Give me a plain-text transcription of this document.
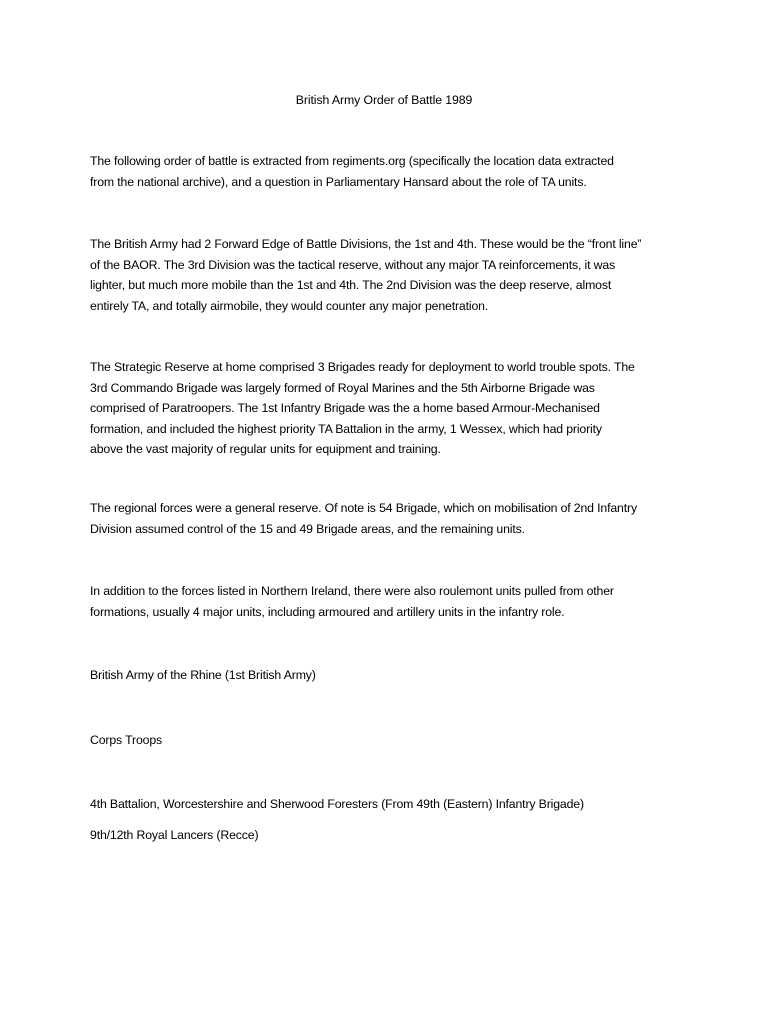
British Army Order of Battle 1989

The following order of battle is extracted from regiments.org (specifically the location data extracted
from the national archive), and a question in Parliamentary Hansard about the role of TA units.

The British Army had 2 Forward Edge of Battle Divisions, the 1st and 4th. These would be the “front line”
of the BAOR. The 3rd Division was the tactical reserve, without any major TA reinforcements, it was
lighter, but much more mobile than the 1st and 4th. The 2nd Division was the deep reserve, almost
entirely TA, and totally airmobile, they would counter any major penetration.

The Strategic Reserve at home comprised 3 Brigades ready for deployment to world trouble spots. The
3rd Commando Brigade was largely formed of Royal Marines and the 5th Airborne Brigade was
comprised of Paratroopers. The 1st Infantry Brigade was the a home based Armour-Mechanised
formation, and included the highest priority TA Battalion in the army, 1 Wessex, which had priority
above the vast majority of regular units for equipment and training.

The regional forces were a general reserve. Of note is 54 Brigade, which on mobilisation of 2nd Infantry
Division assumed control of the 15 and 49 Brigade areas, and the remaining units.

In addition to the forces listed in Northern Ireland, there were also roulemont units pulled from other
formations, usually 4 major units, including armoured and artillery units in the infantry role.

British Army of the Rhine (1st British Army)

Corps Troops

4th Battalion, Worcestershire and Sherwood Foresters (From 49th (Eastern) Infantry Brigade)

9th/12th Royal Lancers (Recce)
